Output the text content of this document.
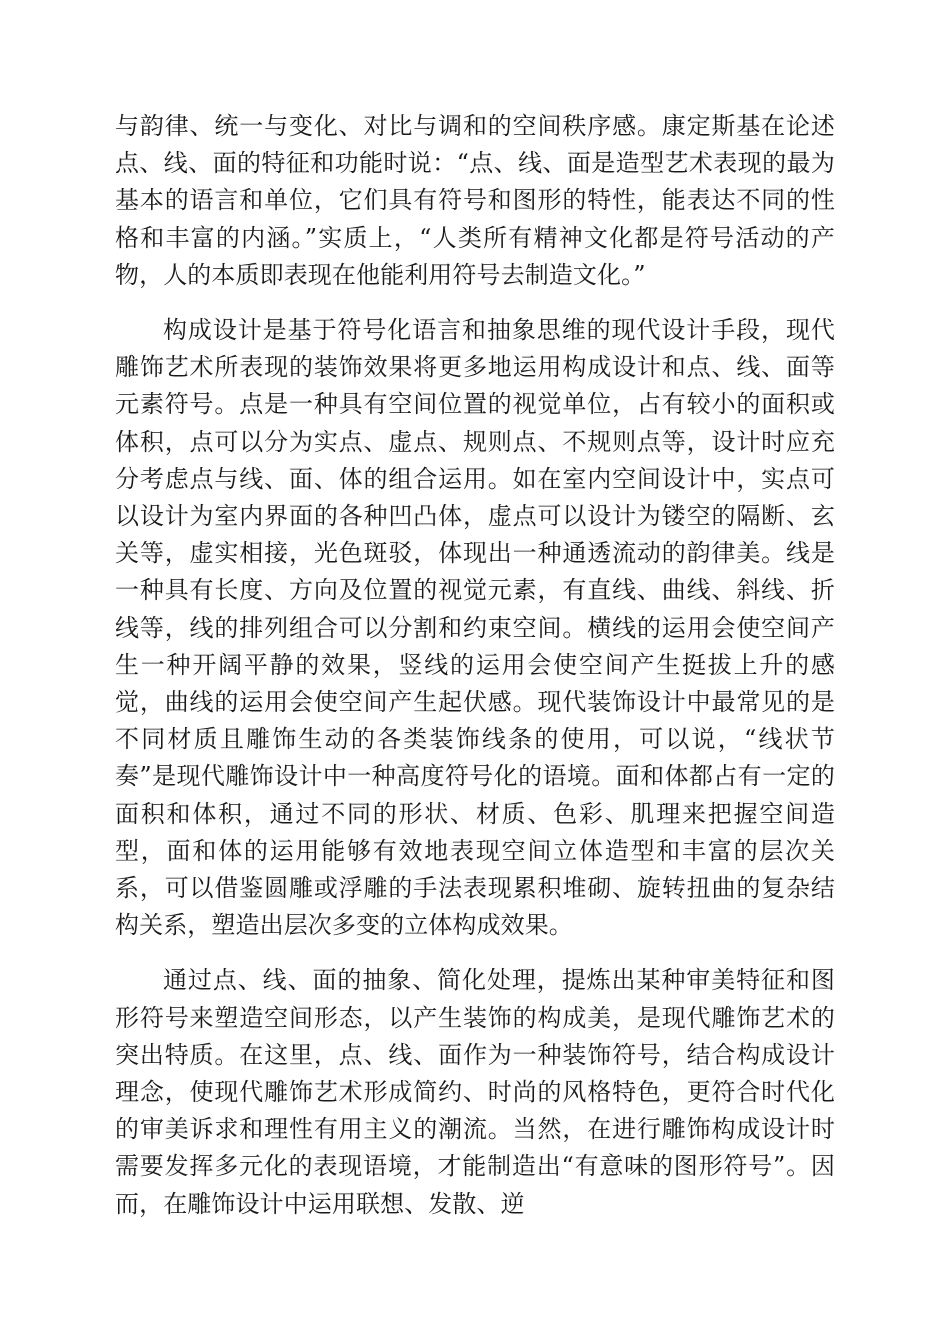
与韵律、统一与变化、对比与调和的空间秩序感。康定斯基在论述点、线、面的特征和功能时说：“点、线、面是造型艺术表现的最为基本的语言和单位，它们具有符号和图形的特性，能表达不同的性格和丰富的内涵。”实质上，“人类所有精神文化都是符号活动的产物，人的本质即表现在他能利用符号去制造文化。”

构成设计是基于符号化语言和抽象思维的现代设计手段，现代雕饰艺术所表现的装饰效果将更多地运用构成设计和点、线、面等元素符号。点是一种具有空间位置的视觉单位，占有较小的面积或体积，点可以分为实点、虚点、规则点、不规则点等，设计时应充分考虑点与线、面、体的组合运用。如在室内空间设计中，实点可以设计为室内界面的各种凹凸体，虚点可以设计为镂空的隔断、玄关等，虚实相接，光色斑驳，体现出一种通透流动的韵律美。线是一种具有长度、方向及位置的视觉元素，有直线、曲线、斜线、折线等，线的排列组合可以分割和约束空间。横线的运用会使空间产生一种开阔平静的效果，竖线的运用会使空间产生挺拔上升的感觉，曲线的运用会使空间产生起伏感。现代装饰设计中最常见的是不同材质且雕饰生动的各类装饰线条的使用，可以说，“线状节奏”是现代雕饰设计中一种高度符号化的语境。面和体都占有一定的面积和体积，通过不同的形状、材质、色彩、肌理来把握空间造型，面和体的运用能够有效地表现空间立体造型和丰富的层次关系，可以借鉴圆雕或浮雕的手法表现累积堆砌、旋转扭曲的复杂结构关系，塑造出层次多变的立体构成效果。

通过点、线、面的抽象、简化处理，提炼出某种审美特征和图形符号来塑造空间形态，以产生装饰的构成美，是现代雕饰艺术的突出特质。在这里，点、线、面作为一种装饰符号，结合构成设计理念，使现代雕饰艺术形成简约、时尚的风格特色，更符合时代化的审美诉求和理性有用主义的潮流。当然，在进行雕饰构成设计时需要发挥多元化的表现语境，才能制造出“有意味的图形符号”。因而，在雕饰设计中运用联想、发散、逆
